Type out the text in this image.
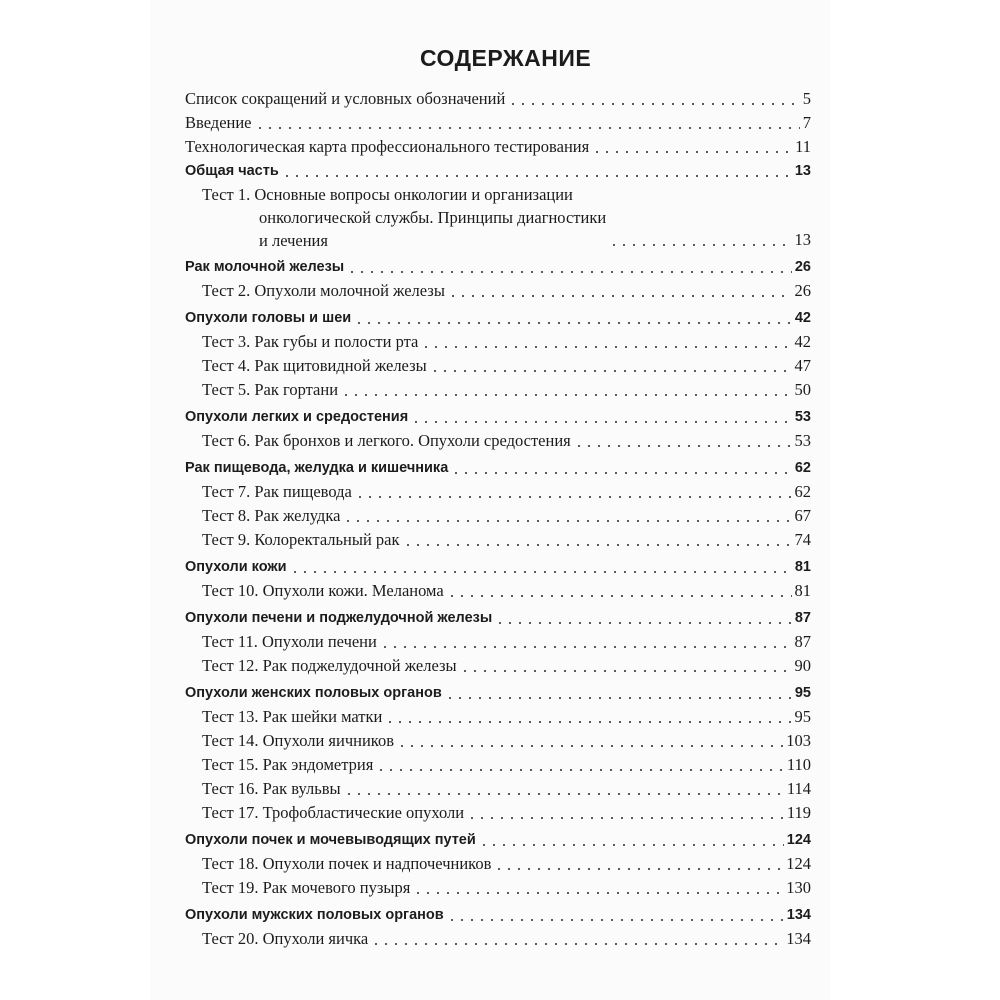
СОДЕРЖАНИЕ
Список сокращений и условных обозначений	5
Введение	7
Технологическая карта профессионального тестирования	11
Общая часть	13
Тест 1. Основные вопросы онкологии и организации
онкологической службы. Принципы диагностики
и лечения	13
Рак молочной железы	26
Тест 2. Опухоли молочной железы	26
Опухоли головы и шеи	42
Тест 3. Рак губы и полости рта	42
Тест 4. Рак щитовидной железы	47
Тест 5. Рак гортани	50
Опухоли легких и средостения	53
Тест 6. Рак бронхов и легкого. Опухоли средостения	53
Рак пищевода, желудка и кишечника	62
Тест 7. Рак пищевода	62
Тест 8. Рак желудка	67
Тест 9. Колоректальный рак	74
Опухоли кожи	81
Тест 10. Опухоли кожи. Меланома	81
Опухоли печени и поджелудочной железы	87
Тест 11. Опухоли печени	87
Тест 12. Рак поджелудочной железы	90
Опухоли женских половых органов	95
Тест 13. Рак шейки матки	95
Тест 14. Опухоли яичников	103
Тест 15. Рак эндометрия	110
Тест 16. Рак вульвы	114
Тест 17. Трофобластические опухоли	119
Опухоли почек и мочевыводящих путей	124
Тест 18. Опухоли почек и надпочечников	124
Тест 19. Рак мочевого пузыря	130
Опухоли мужских половых органов	134
Тест 20. Опухоли яичка	134
